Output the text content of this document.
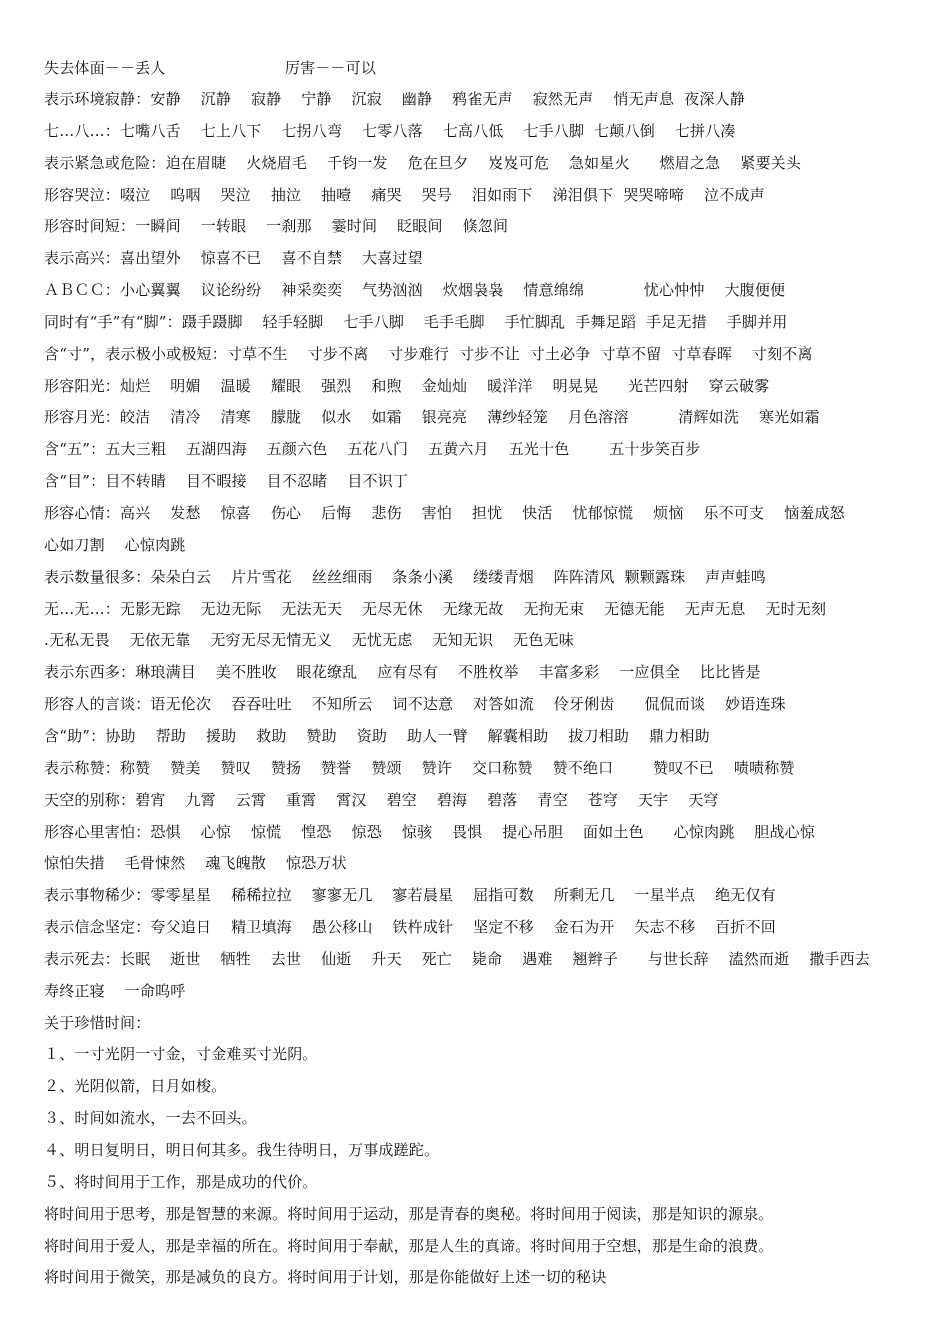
失去体面－－丢人                        厉害－－可以
表示环境寂静：安静    沉静    寂静    宁静    沉寂    幽静    鸦雀无声    寂然无声    悄无声息  夜深人静
七…八…：七嘴八舌    七上八下    七拐八弯    七零八落    七高八低    七手八脚  七颠八倒    七拼八凑
表示紧急或危险：迫在眉睫    火烧眉毛    千钧一发    危在旦夕    岌岌可危    急如星火      燃眉之急    紧要关头
形容哭泣：啜泣    呜咽    哭泣    抽泣    抽噎    痛哭    哭号    泪如雨下    涕泪俱下  哭哭啼啼    泣不成声
形容时间短：一瞬间    一转眼    一刹那    霎时间    眨眼间    倏忽间
表示高兴：喜出望外    惊喜不已    喜不自禁    大喜过望
ＡＢＣＣ：小心翼翼    议论纷纷    神采奕奕    气势汹汹    炊烟袅袅    情意绵绵            忧心忡忡    大腹便便
同时有“手”有“脚”：蹑手蹑脚    轻手轻脚    七手八脚    毛手毛脚    手忙脚乱  手舞足蹈  手足无措    手脚并用
含“寸”，表示极小或极短：寸草不生    寸步不离    寸步难行  寸步不让  寸土必争  寸草不留  寸草春晖    寸刻不离
形容阳光：灿烂    明媚    温暖    耀眼    强烈    和煦    金灿灿    暖洋洋    明晃晃      光芒四射    穿云破雾
形容月光：皎洁    清冷    清寒    朦胧    似水    如霜    银亮亮    薄纱轻笼    月色溶溶          清辉如洗    寒光如霜
含“五”：五大三粗    五湖四海    五颜六色    五花八门    五黄六月    五光十色        五十步笑百步
含“目”：目不转睛    目不暇接    目不忍睹    目不识丁
形容心情：高兴    发愁    惊喜    伤心    后悔    悲伤    害怕    担忧    快活    忧郁惊慌    烦恼    乐不可支    恼羞成怒
心如刀割    心惊肉跳
表示数量很多：朵朵白云    片片雪花    丝丝细雨    条条小溪    缕缕青烟    阵阵清风  颗颗露珠    声声蛙鸣
无…无…：无影无踪    无边无际    无法无天    无尽无休    无缘无故    无拘无束    无德无能    无声无息    无时无刻
.无私无畏    无依无靠    无穷无尽无情无义    无忧无虑    无知无识    无色无味
表示东西多：琳琅满目    美不胜收    眼花缭乱    应有尽有    不胜枚举    丰富多彩    一应俱全    比比皆是
形容人的言谈：语无伦次    吞吞吐吐    不知所云    词不达意    对答如流    伶牙俐齿      侃侃而谈    妙语连珠
含“助”：协助    帮助    援助    救助    赞助    资助    助人一臂    解囊相助    拔刀相助    鼎力相助
表示称赞：称赞    赞美    赞叹    赞扬    赞誉    赞颂    赞许    交口称赞    赞不绝口        赞叹不已    啧啧称赞
天空的别称：碧宵    九霄    云霄    重霄    霄汉    碧空    碧海    碧落    青空    苍穹    天宇    天穹
形容心里害怕：恐惧    心惊    惊慌    惶恐    惊恐    惊骇    畏惧    提心吊胆    面如土色      心惊肉跳    胆战心惊
惊怕失措    毛骨悚然    魂飞魄散    惊恐万状
表示事物稀少：零零星星    稀稀拉拉    寥寥无几    寥若晨星    屈指可数    所剩无几    一星半点    绝无仅有
表示信念坚定：夸父追日    精卫填海    愚公移山    铁杵成针    坚定不移    金石为开    矢志不移    百折不回
表示死去：长眠    逝世    牺牲    去世    仙逝    升天    死亡    毙命    遇难    翘辫子      与世长辞    溘然而逝    撒手西去
寿终正寝    一命呜呼
关于珍惜时间：
１、一寸光阴一寸金，寸金难买寸光阴。
２、光阴似箭，日月如梭。
３、时间如流水，一去不回头。
４、明日复明日，明日何其多。我生待明日，万事成蹉跎。
５、将时间用于工作，那是成功的代价。
将时间用于思考，那是智慧的来源。将时间用于运动，那是青春的奥秘。将时间用于阅读，那是知识的源泉。
将时间用于爱人，那是幸福的所在。将时间用于奉献，那是人生的真谛。将时间用于空想，那是生命的浪费。
将时间用于微笑，那是减负的良方。将时间用于计划，那是你能做好上述一切的秘诀
